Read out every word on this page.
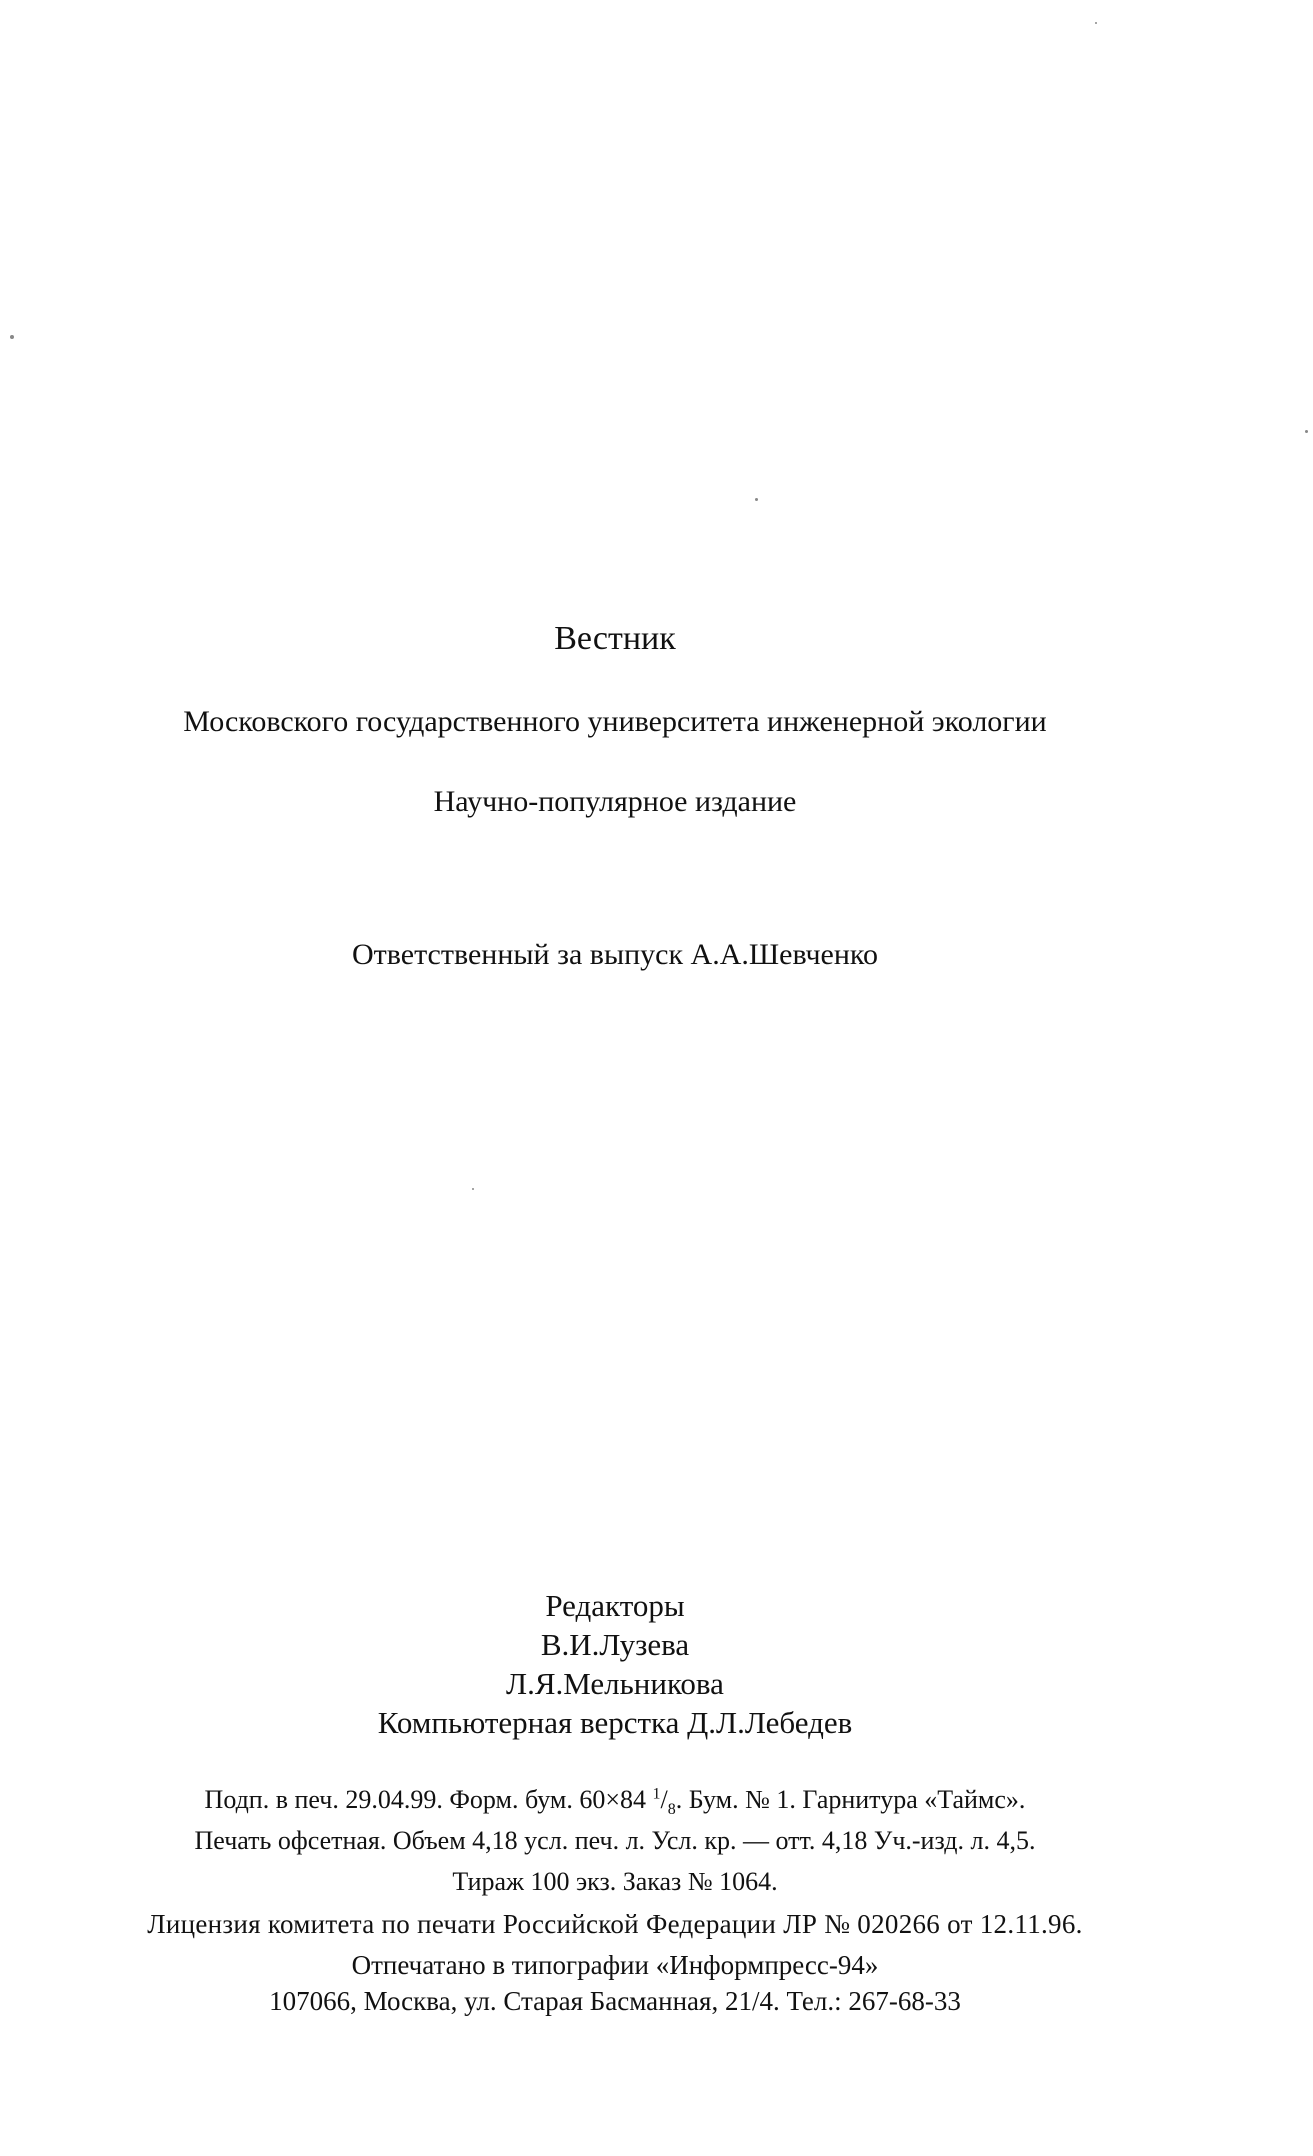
Вестник
Московского государственного университета инженерной экологии
Научно-популярное издание
Ответственный за выпуск А.А.Шевченко
Редакторы
В.И.Лузева
Л.Я.Мельникова
Компьютерная верстка Д.Л.Лебедев
Подп. в печ. 29.04.99. Форм. бум. 60×84 $^1/_8$. Бум. № 1. Гарнитура «Таймс».
Печать офсетная. Объем 4,18 усл. печ. л. Усл. кр. — отт. 4,18 Уч.-изд. л. 4,5.
Тираж 100 экз. Заказ № 1064.
Лицензия комитета по печати Российской Федерации ЛР № 020266 от 12.11.96.
Отпечатано в типографии «Информпресс-94»
107066, Москва, ул. Старая Басманная, 21/4. Тел.: 267-68-33
